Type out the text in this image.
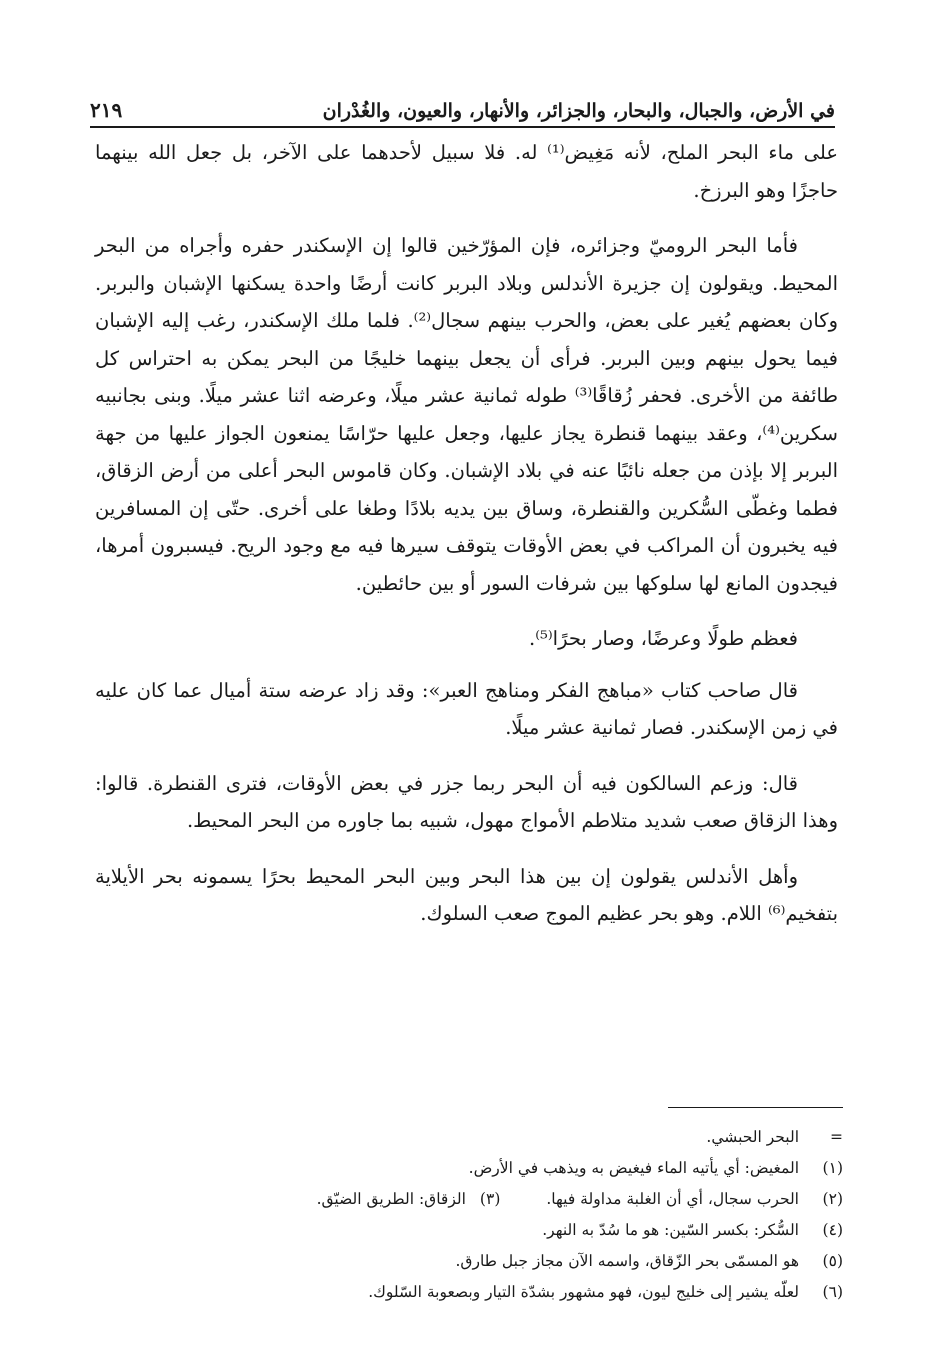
في الأرض، والجبال، والبحار، والجزائر، والأنهار، والعيون، والغُدْران
٢١٩

على ماء البحر الملح، لأنه مَغِيض⁽¹⁾ له. فلا سبيل لأحدهما على الآخر، بل جعل الله بينهما حاجزًا وهو البرزخ.

فأما البحر الروميّ وجزائره، فإن المؤرّخين قالوا إن الإسكندر حفره وأجراه من البحر المحيط. ويقولون إن جزيرة الأندلس وبلاد البربر كانت أرضًا واحدة يسكنها الإشبان والبربر. وكان بعضهم يُغير على بعض، والحرب بينهم سجال⁽²⁾. فلما ملك الإسكندر، رغب إليه الإشبان فيما يحول بينهم وبين البربر. فرأى أن يجعل بينهما خليجًا من البحر يمكن به احتراس كل طائفة من الأخرى. فحفر زُقاقًا⁽³⁾ طوله ثمانية عشر ميلًا، وعرضه اثنا عشر ميلًا. وبنى بجانبيه سكرين⁽⁴⁾، وعقد بينهما قنطرة يجاز عليها، وجعل عليها حرّاسًا يمنعون الجواز عليها من جهة البربر إلا بإذن من جعله نائبًا عنه في بلاد الإشبان. وكان قاموس البحر أعلى من أرض الزقاق، فطما وغطّى السُّكرين والقنطرة، وساق بين يديه بلادًا وطغا على أخرى. حتّى إن المسافرين فيه يخبرون أن المراكب في بعض الأوقات يتوقف سيرها فيه مع وجود الريح. فيسبرون أمرها، فيجدون المانع لها سلوكها بين شرفات السور أو بين حائطين.

فعظم طولًا وعرضًا، وصار بحرًا⁽⁵⁾.

قال صاحب كتاب «مباهج الفكر ومناهج العبر»: وقد زاد عرضه ستة أميال عما كان عليه في زمن الإسكندر. فصار ثمانية عشر ميلًا.

قال: وزعم السالكون فيه أن البحر ربما جزر في بعض الأوقات، فترى القنطرة. قالوا: وهذا الزقاق صعب شديد متلاطم الأمواج مهول، شبيه بما جاوره من البحر المحيط.

وأهل الأندلس يقولون إن بين هذا البحر وبين البحر المحيط بحرًا يسمونه بحر الأيلاية بتفخيم⁽⁶⁾ اللام. وهو بحر عظيم الموج صعب السلوك.

=
البحر الحبشي.
(١)
المغيض: أي يأتيه الماء فيغيض به ويذهب في الأرض.
(٢)
الحرب سجال، أي أن الغلبة مداولة فيها.
(٣)
الزقاق: الطريق الضيّق.
(٤)
السُّكر: بكسر السّين: هو ما سُدّ به النهر.
(٥)
هو المسمّى بحر الزّقاق، واسمه الآن مجاز جبل طارق.
(٦)
لعلّه يشير إلى خليج ليون، فهو مشهور بشدّة التيار وبصعوبة السّلوك.
